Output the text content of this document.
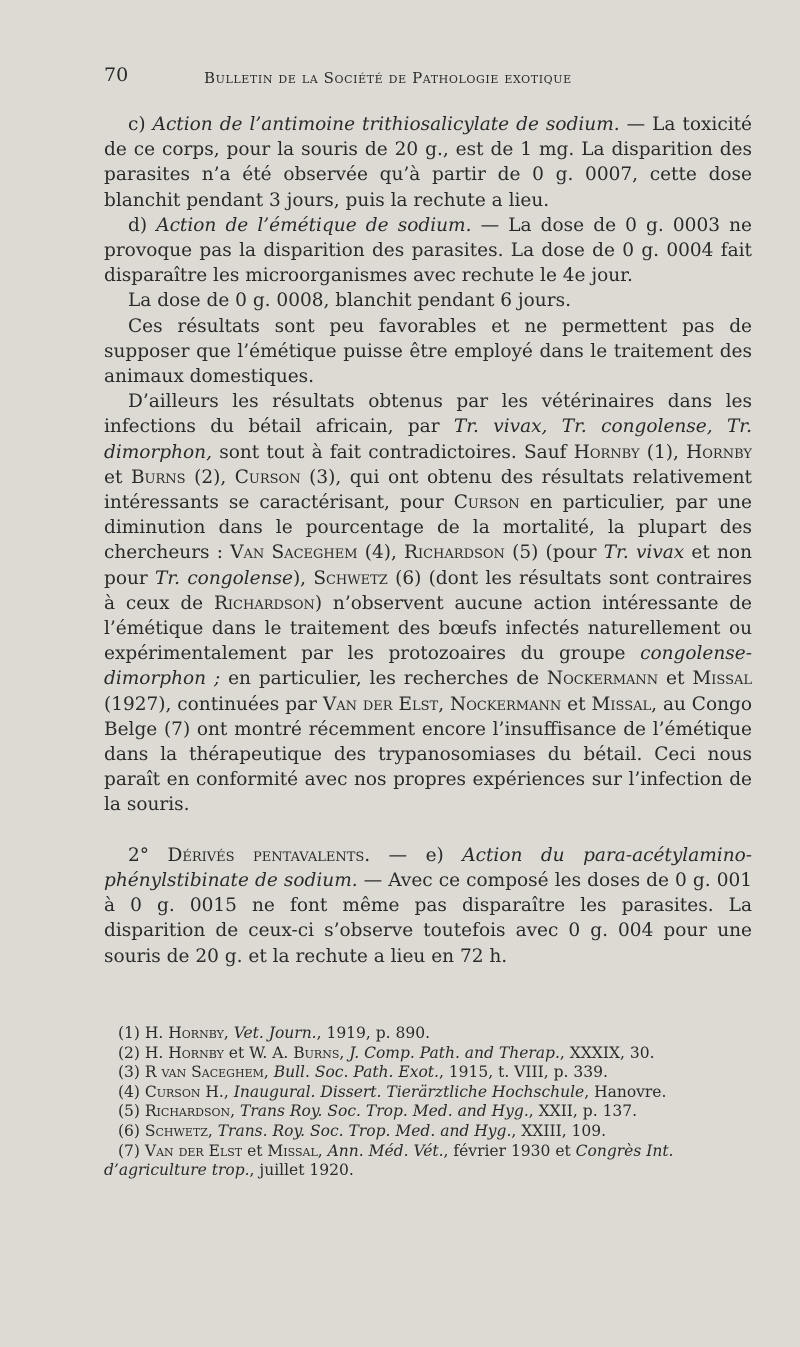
70	Bulletin de la Société de Pathologie exotique

c) Action de l’antimoine trithiosalicylate de sodium. — La toxicité de ce corps, pour la souris de 20 g., est de 1 mg. La disparition des parasites n’a été observée qu’à partir de 0 g. 0007, cette dose blanchit pendant 3 jours, puis la rechute a lieu.

d) Action de l’émétique de sodium. — La dose de 0 g. 0003 ne provoque pas la disparition des parasites. La dose de 0 g. 0004 fait disparaître les microorganismes avec rechute le 4e jour.

La dose de 0 g. 0008, blanchit pendant 6 jours.

Ces résultats sont peu favorables et ne permettent pas de supposer que l’émétique puisse être employé dans le traitement des animaux domestiques.

D’ailleurs les résultats obtenus par les vétérinaires dans les infections du bétail africain, par Tr. vivax, Tr. congolense, Tr. dimorphon, sont tout à fait contradictoires. Sauf Hornby (1), Hornby et Burns (2), Curson (3), qui ont obtenu des résultats relativement intéressants se caractérisant, pour Curson en particulier, par une diminution dans le pourcentage de la mortalité, la plupart des chercheurs : Van Saceghem (4), Richardson (5) (pour Tr. vivax et non pour Tr. congolense), Schwetz (6) (dont les résultats sont contraires à ceux de Richardson) n’observent aucune action intéressante de l’émétique dans le traitement des bœufs infectés naturellement ou expérimentalement par les protozoaires du groupe congolense-dimorphon ; en particulier, les recherches de Nockermann et Missal (1927), continuées par Van der Elst, Nockermann et Missal, au Congo Belge (7) ont montré récemment encore l’insuffisance de l’émétique dans la thérapeutique des trypanosomiases du bétail. Ceci nous paraît en conformité avec nos propres expériences sur l’infection de la souris.

2° Dérivés pentavalents. — e) Action du para-acétylamino-phénylstibinate de sodium. — Avec ce composé les doses de 0 g. 001 à 0 g. 0015 ne font même pas disparaître les parasites. La disparition de ceux-ci s’observe toutefois avec 0 g. 004 pour une souris de 20 g. et la rechute a lieu en 72 h.

(1) H. Hornby, Vet. Journ., 1919, p. 890.

(2) H. Hornby et W. A. Burns, J. Comp. Path. and Therap., XXXIX, 30.

(3) R van Saceghem, Bull. Soc. Path. Exot., 1915, t. VIII, p. 339.

(4) Curson H., Inaugural. Dissert. Tierärztliche Hochschule, Hanovre.

(5) Richardson, Trans Roy. Soc. Trop. Med. and Hyg., XXII, p. 137.

(6) Schwetz, Trans. Roy. Soc. Trop. Med. and Hyg., XXIII, 109.

(7) Van der Elst et Missal, Ann. Méd. Vét., février 1930 et Congrès Int. d’agriculture trop., juillet 1920.
